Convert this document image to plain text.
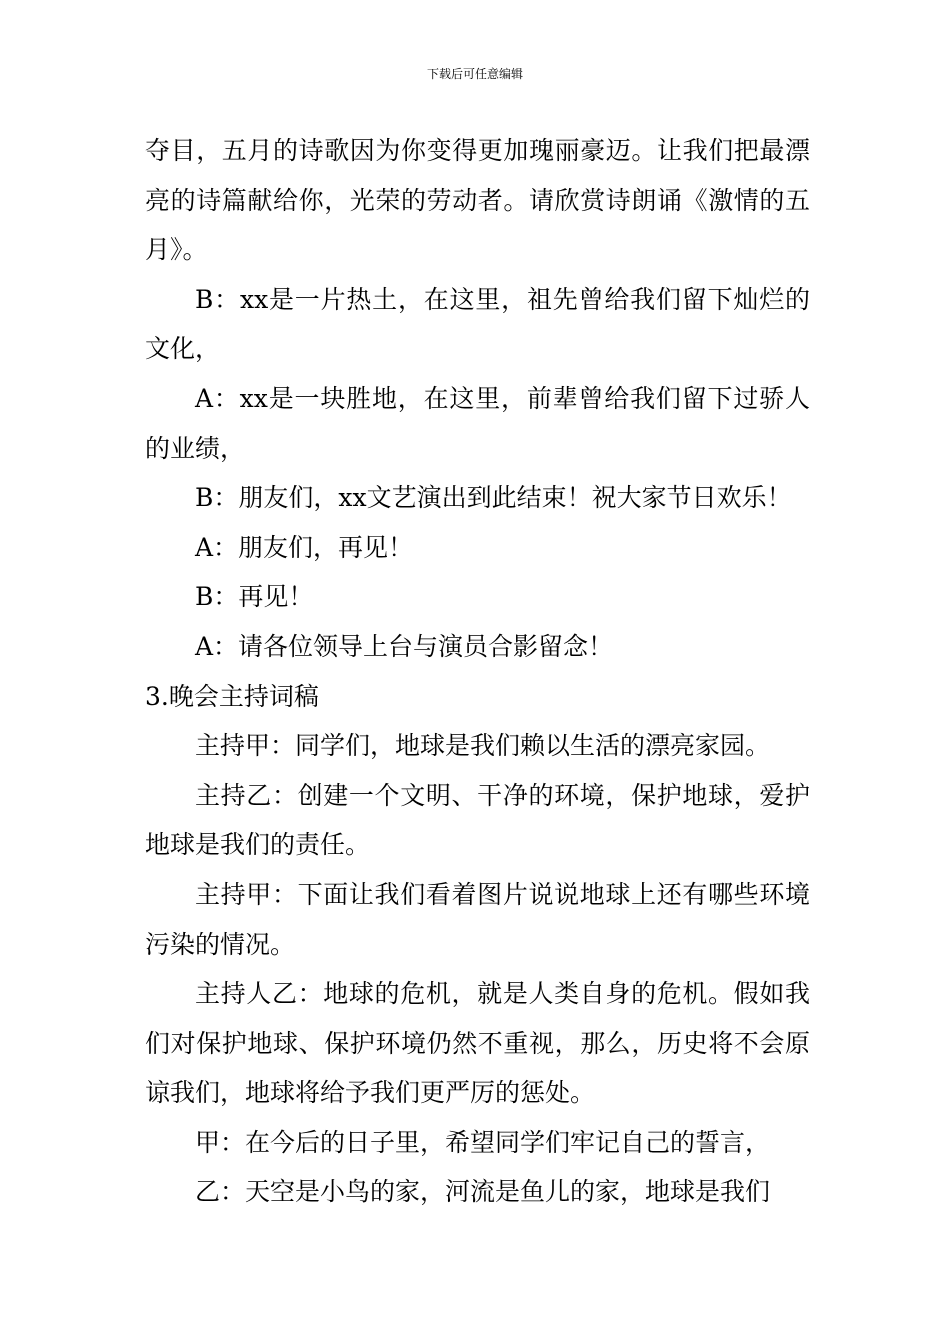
下载后可任意编辑

夺目，五月的诗歌因为你变得更加瑰丽豪迈。让我们把最漂亮的诗篇献给你，光荣的劳动者。请欣赏诗朗诵《激情的五月》。

B：xx是一片热土，在这里，祖先曾给我们留下灿烂的文化，

A：xx是一块胜地，在这里，前辈曾给我们留下过骄人的业绩，

B：朋友们，xx文艺演出到此结束！祝大家节日欢乐！

A：朋友们，再见！

B：再见！

A：请各位领导上台与演员合影留念！

3.晚会主持词稿

主持甲：同学们，地球是我们赖以生活的漂亮家园。

主持乙：创建一个文明、干净的环境，保护地球，爱护地球是我们的责任。

主持甲：下面让我们看着图片说说地球上还有哪些环境污染的情况。

主持人乙：地球的危机，就是人类自身的危机。假如我们对保护地球、保护环境仍然不重视，那么，历史将不会原谅我们，地球将给予我们更严厉的惩处。

甲：在今后的日子里，希望同学们牢记自己的誓言，

乙：天空是小鸟的家，河流是鱼儿的家，地球是我们
